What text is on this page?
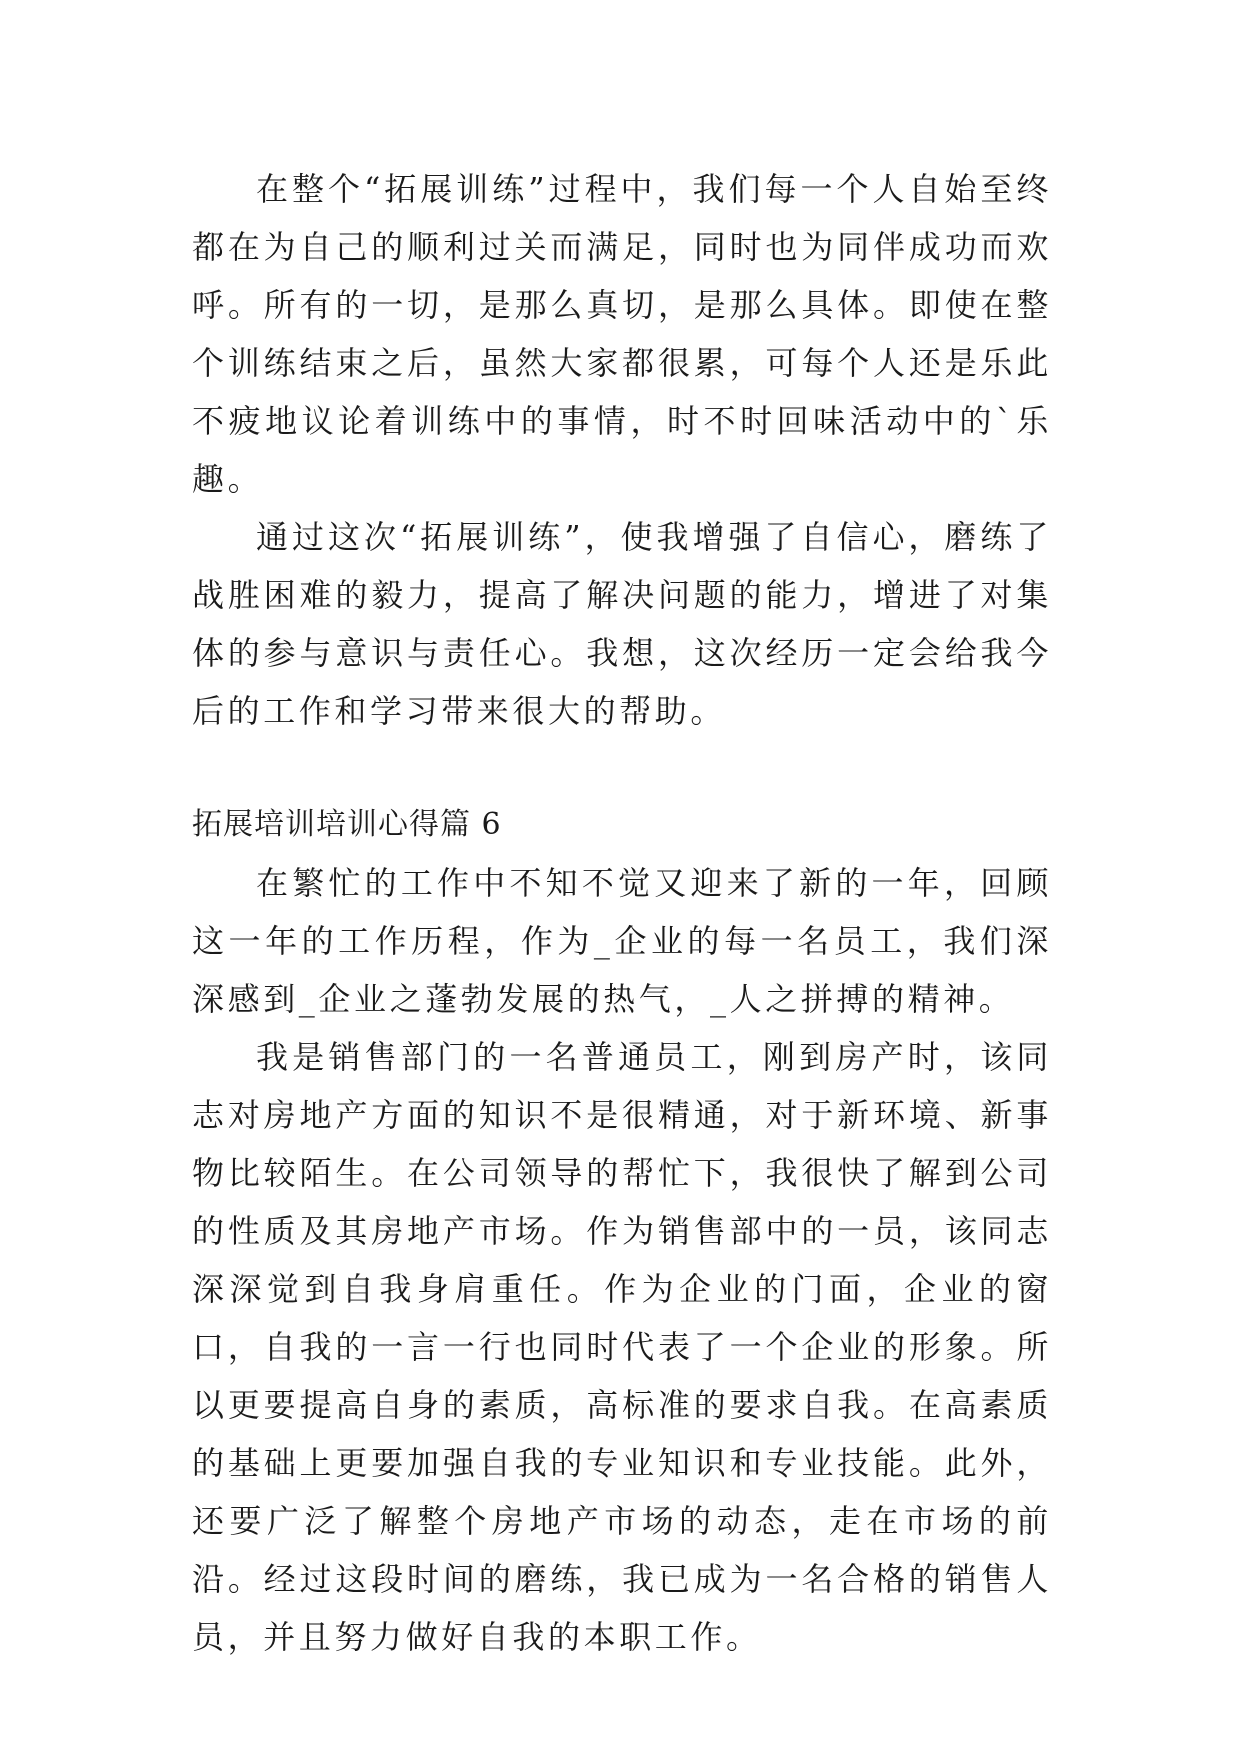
在整个“拓展训练”过程中，我们每一个人自始至终都在为自己的顺利过关而满足，同时也为同伴成功而欢呼。所有的一切，是那么真切，是那么具体。即使在整个训练结束之后，虽然大家都很累，可每个人还是乐此不疲地议论着训练中的事情，时不时回味活动中的`乐趣。

通过这次“拓展训练”，使我增强了自信心，磨练了战胜困难的毅力，提高了解决问题的能力，增进了对集体的参与意识与责任心。我想，这次经历一定会给我今后的工作和学习带来很大的帮助。

拓展培训培训心得篇 6

在繁忙的工作中不知不觉又迎来了新的一年，回顾这一年的工作历程，作为_企业的每一名员工，我们深深感到_企业之蓬勃发展的热气，_人之拼搏的精神。

我是销售部门的一名普通员工，刚到房产时，该同志对房地产方面的知识不是很精通，对于新环境、新事物比较陌生。在公司领导的帮忙下，我很快了解到公司的性质及其房地产市场。作为销售部中的一员，该同志深深觉到自我身肩重任。作为企业的门面，企业的窗口，自我的一言一行也同时代表了一个企业的形象。所以更要提高自身的素质，高标准的要求自我。在高素质的基础上更要加强自我的专业知识和专业技能。此外，还要广泛了解整个房地产市场的动态，走在市场的前沿。经过这段时间的磨练，我已成为一名合格的销售人员，并且努力做好自我的本职工作。
